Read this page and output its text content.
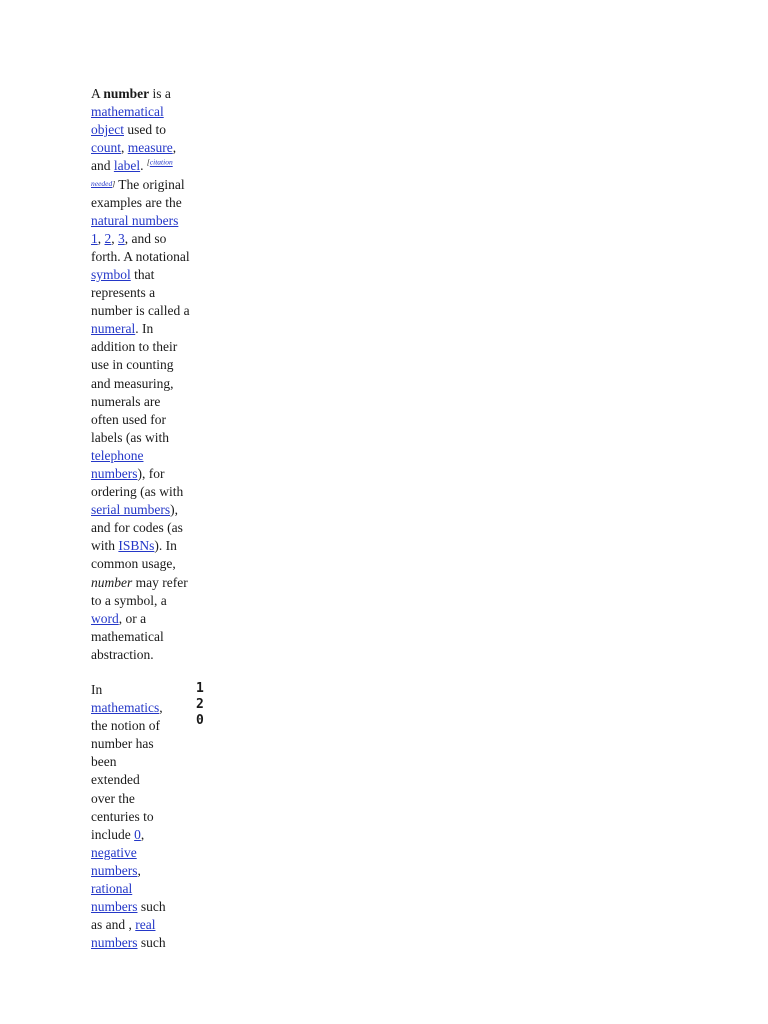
A number is a
mathematical
object used to
count, measure,
and label. $^{[citation}$
$^{needed]}$ The original
examples are the
natural numbers
1, 2, 3, and so
forth. A notational
symbol that
represents a
number is called a
numeral. In
addition to their
use in counting
and measuring,
numerals are
often used for
labels (as with
telephone
numbers), for
ordering (as with
serial numbers),
and for codes (as
with ISBNs). In
common usage,
number may refer
to a symbol, a
word, or a
mathematical
abstraction.
In
mathematics,
the notion of
number has
been
extended
over the
centuries to
include 0,
negative
numbers,
rational
numbers such
as and , real
numbers such
1
2
0
